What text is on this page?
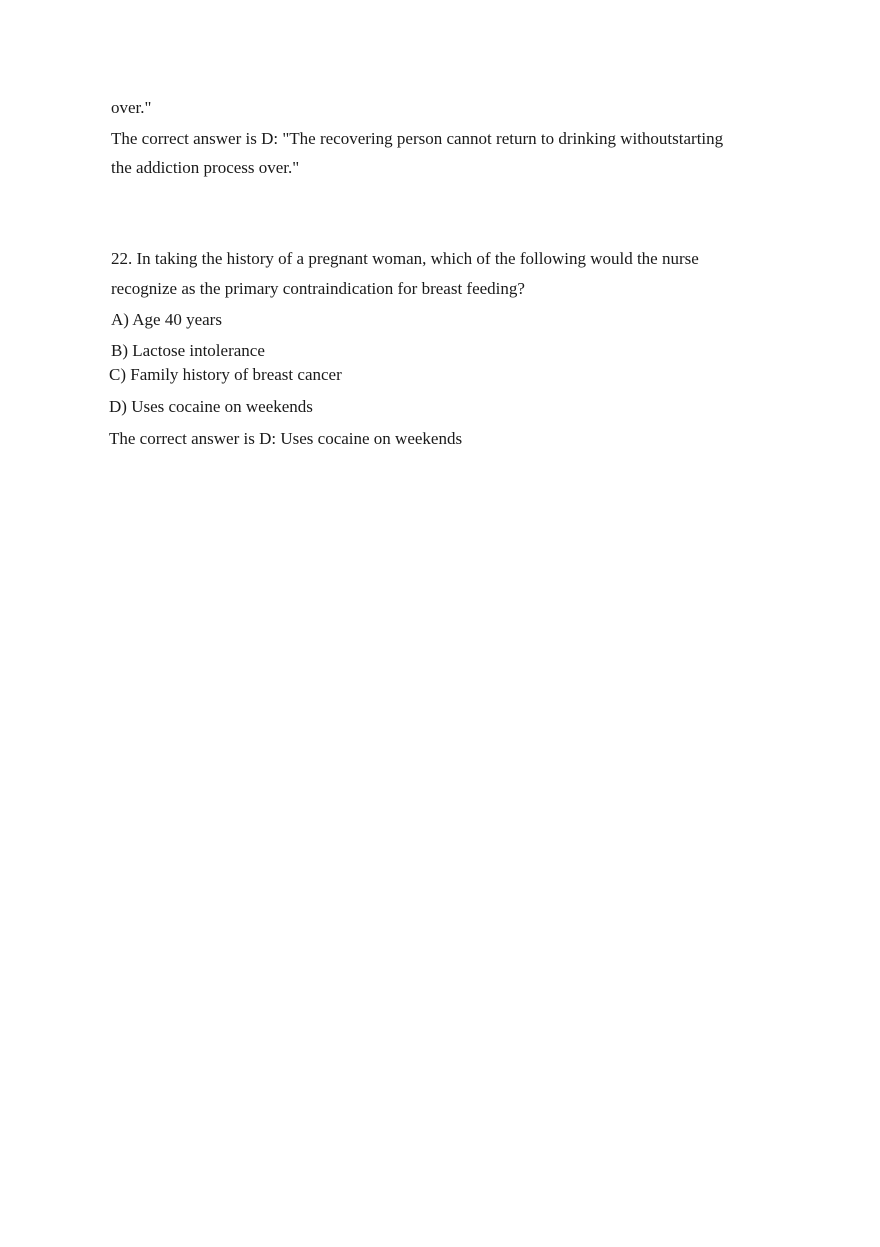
over."
The correct answer is D: "The recovering person cannot return to drinking withoutstarting
the addiction process over."
22. In taking the history of a pregnant woman, which of the following would the nurse
recognize as the primary contraindication for breast feeding?
A) Age 40 years
B) Lactose intolerance
C) Family history of breast cancer
D) Uses cocaine on weekends
The correct answer is D: Uses cocaine on weekends
